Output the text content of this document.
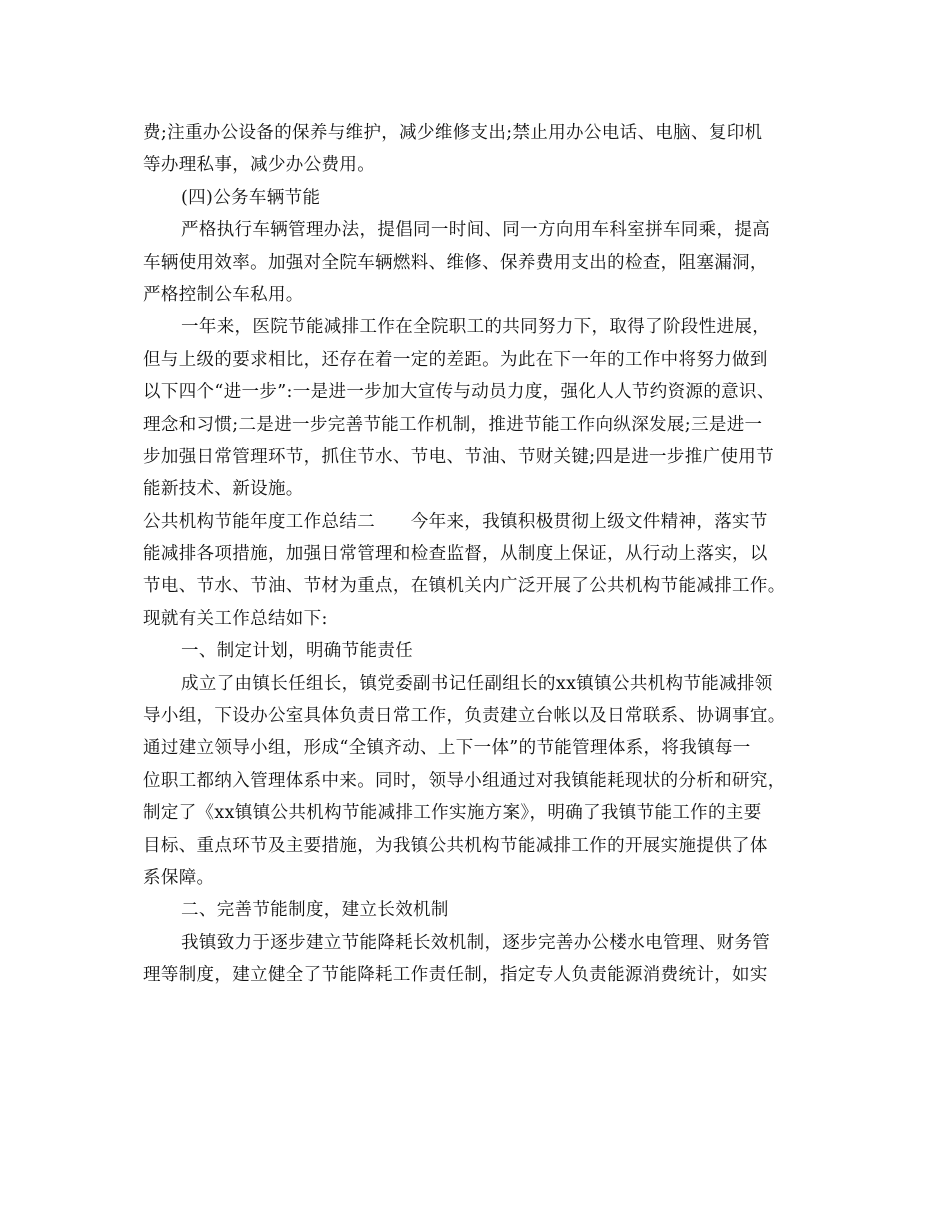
费;注重办公设备的保养与维护，减少维修支出;禁止用办公电话、电脑、复印机
等办理私事，减少办公费用。
(四)公务车辆节能
严格执行车辆管理办法，提倡同一时间、同一方向用车科室拼车同乘，提高
车辆使用效率。加强对全院车辆燃料、维修、保养费用支出的检查，阻塞漏洞，
严格控制公车私用。
一年来，医院节能减排工作在全院职工的共同努力下，取得了阶段性进展，
但与上级的要求相比，还存在着一定的差距。为此在下一年的工作中将努力做到
以下四个“进一步”:一是进一步加大宣传与动员力度，强化人人节约资源的意识、
理念和习惯;二是进一步完善节能工作机制，推进节能工作向纵深发展;三是进一
步加强日常管理环节，抓住节水、节电、节油、节财关键;四是进一步推广使用节
能新技术、新设施。
公共机构节能年度工作总结二　　今年来，我镇积极贯彻上级文件精神，落实节
能减排各项措施，加强日常管理和检查监督，从制度上保证，从行动上落实，以
节电、节水、节油、节材为重点，在镇机关内广泛开展了公共机构节能减排工作。
现就有关工作总结如下:
一、制定计划，明确节能责任
成立了由镇长任组长，镇党委副书记任副组长的xx镇镇公共机构节能减排领
导小组，下设办公室具体负责日常工作，负责建立台帐以及日常联系、协调事宜。
通过建立领导小组，形成“全镇齐动、上下一体”的节能管理体系，将我镇每一
位职工都纳入管理体系中来。同时，领导小组通过对我镇能耗现状的分析和研究，
制定了《xx镇镇公共机构节能减排工作实施方案》，明确了我镇节能工作的主要
目标、重点环节及主要措施，为我镇公共机构节能减排工作的开展实施提供了体
系保障。
二、完善节能制度，建立长效机制
我镇致力于逐步建立节能降耗长效机制，逐步完善办公楼水电管理、财务管
理等制度，建立健全了节能降耗工作责任制，指定专人负责能源消费统计，如实
